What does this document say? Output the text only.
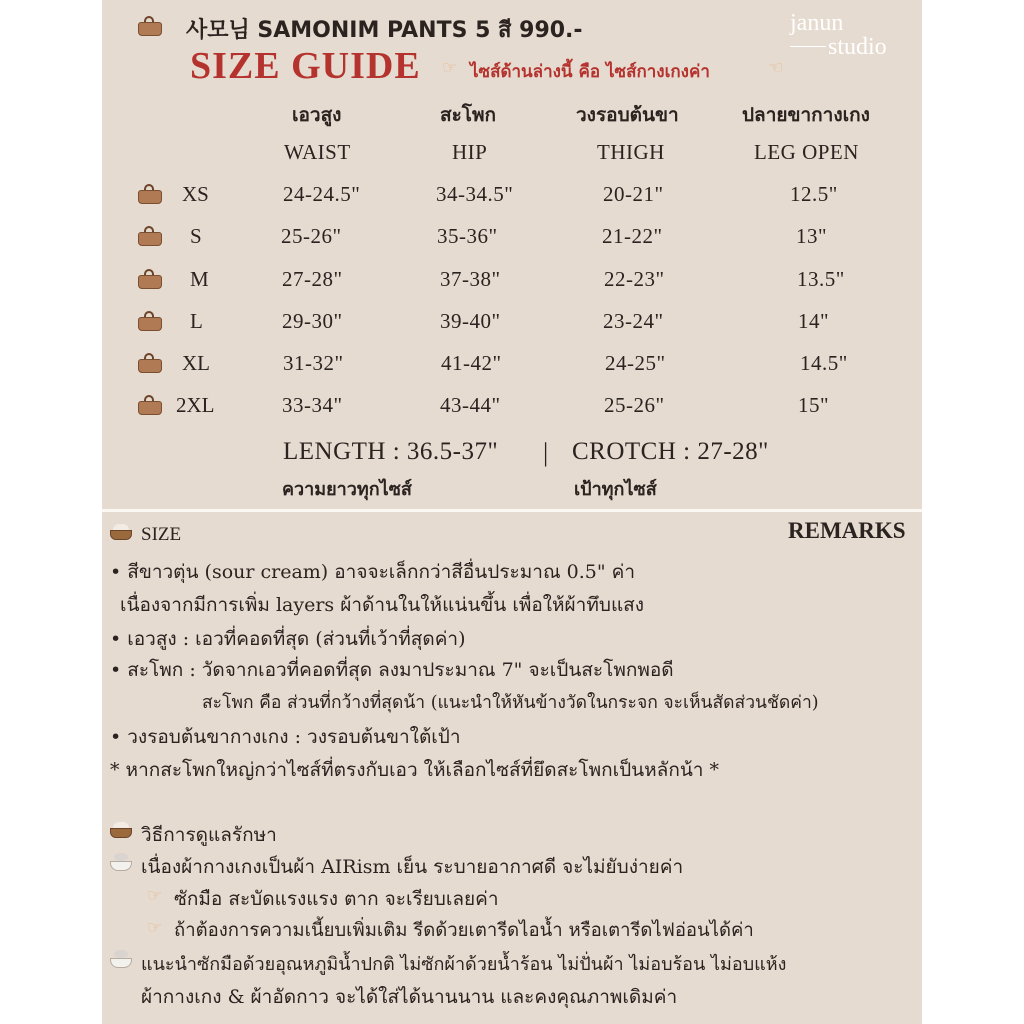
사모님 SAMONIM PANTS 5 สี 990.-
SIZE GUIDE ☞ ไซส์ด้านล่างนี้ คือ ไซส์กางเกงค่า	☜
janun
studio
เอวสูง	สะโพก	วงรอบต้นขา	ปลายขากางเกง
WAIST	HIP	THIGH	LEG OPEN
XS	24-24.5"	34-34.5"	20-21"	12.5"
S	25-26"	35-36"	21-22"	13"
M	27-28"	37-38"	22-23"	13.5"
L	29-30"	39-40"	23-24"	14"
XL	31-32"	41-42"	24-25"	14.5"
2XL	33-34"	43-44"	25-26"	15"
LENGTH : 36.5-37" | CROTCH : 27-28"
ความยาวทุกไซส์	เป้าทุกไซส์
SIZE	REMARKS
• สีขาวตุ่น (sour cream) อาจจะเล็กกว่าสีอื่นประมาณ 0.5" ค่า
เนื่องจากมีการเพิ่ม layers ผ้าด้านในให้แน่นขึ้น เพื่อให้ผ้าทึบแสง
• เอวสูง : เอวที่คอดที่สุด (ส่วนที่เว้าที่สุดค่า)
• สะโพก : วัดจากเอวที่คอดที่สุด ลงมาประมาณ 7" จะเป็นสะโพกพอดี
สะโพก คือ ส่วนที่กว้างที่สุดน้า (แนะนำให้หันข้างวัดในกระจก จะเห็นสัดส่วนชัดค่า)
• วงรอบต้นขากางเกง : วงรอบต้นขาใต้เป้า
* หากสะโพกใหญ่กว่าไซส์ที่ตรงกับเอว ให้เลือกไซส์ที่ยึดสะโพกเป็นหลักน้า *
วิธีการดูแลรักษา
เนื่องผ้ากางเกงเป็นผ้า AIRism เย็น ระบายอากาศดี จะไม่ยับง่ายค่า
☞ ซักมือ สะบัดแรงแรง ตาก จะเรียบเลยค่า
☞ ถ้าต้องการความเนี้ยบเพิ่มเติม รีดด้วยเตารีดไอน้ำ หรือเตารีดไฟอ่อนได้ค่า
แนะนำซักมือด้วยอุณหภูมิน้ำปกติ ไม่ซักผ้าด้วยน้ำร้อน ไม่ปั่นผ้า ไม่อบร้อน ไม่อบแห้ง
ผ้ากางเกง & ผ้าอัดกาว จะได้ใส่ได้นานนาน และคงคุณภาพเดิมค่า
